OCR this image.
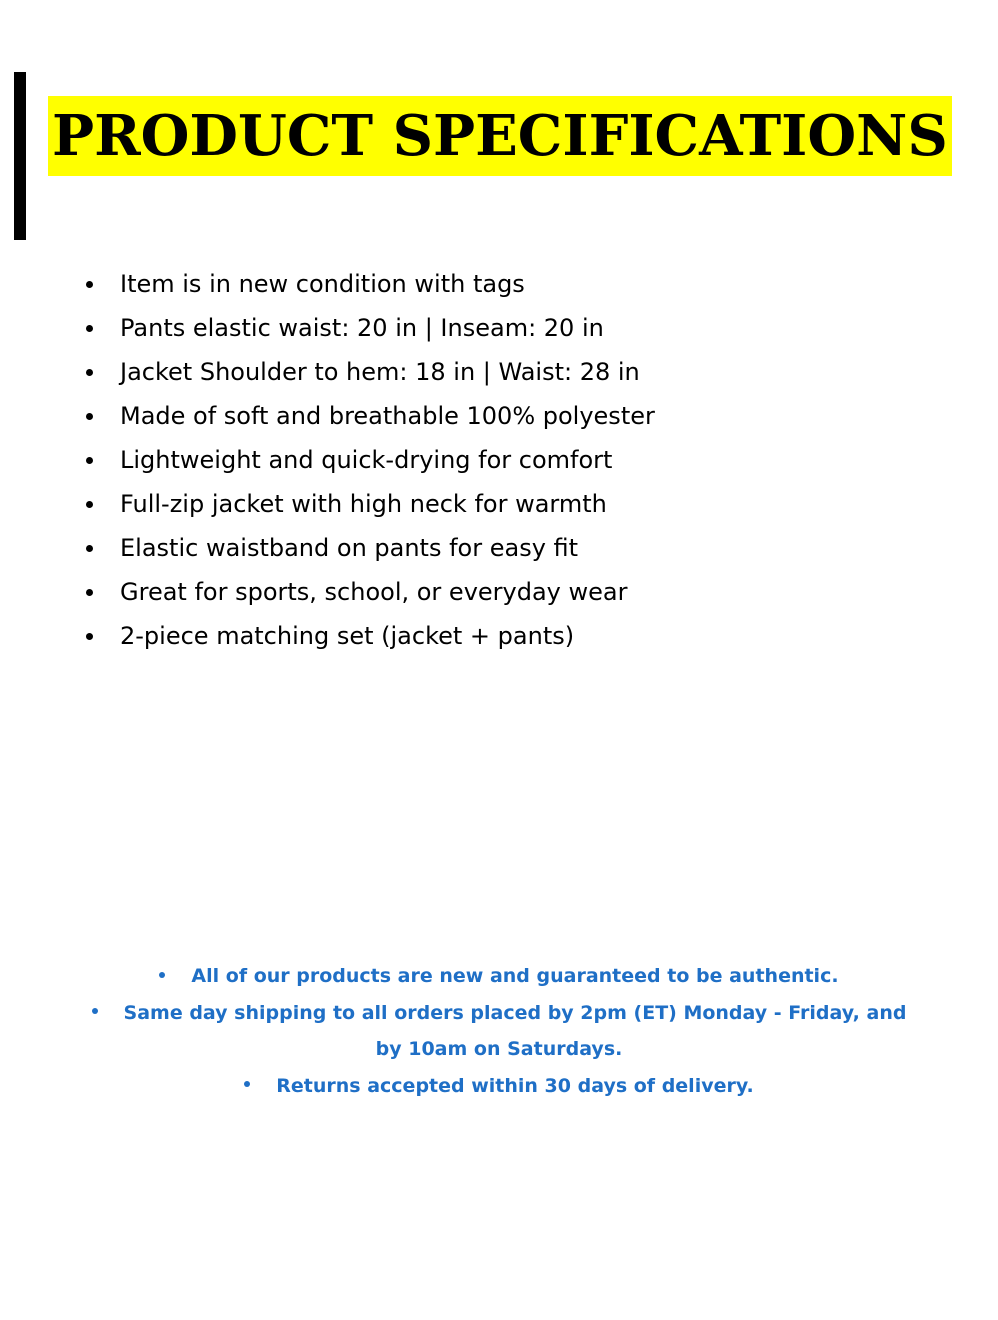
PRODUCT SPECIFICATIONS
Item is in new condition with tags
Pants elastic waist: 20 in | Inseam: 20 in
Jacket Shoulder to hem: 18 in | Waist: 28 in
Made of soft and breathable 100% polyester
Lightweight and quick-drying for comfort
Full-zip jacket with high neck for warmth
Elastic waistband on pants for easy fit
Great for sports, school, or everyday wear
2-piece matching set (jacket + pants)
All of our products are new and guaranteed to be authentic.
Same day shipping to all orders placed by 2pm (ET) Monday - Friday, and
by 10am on Saturdays.
Returns accepted within 30 days of delivery.
